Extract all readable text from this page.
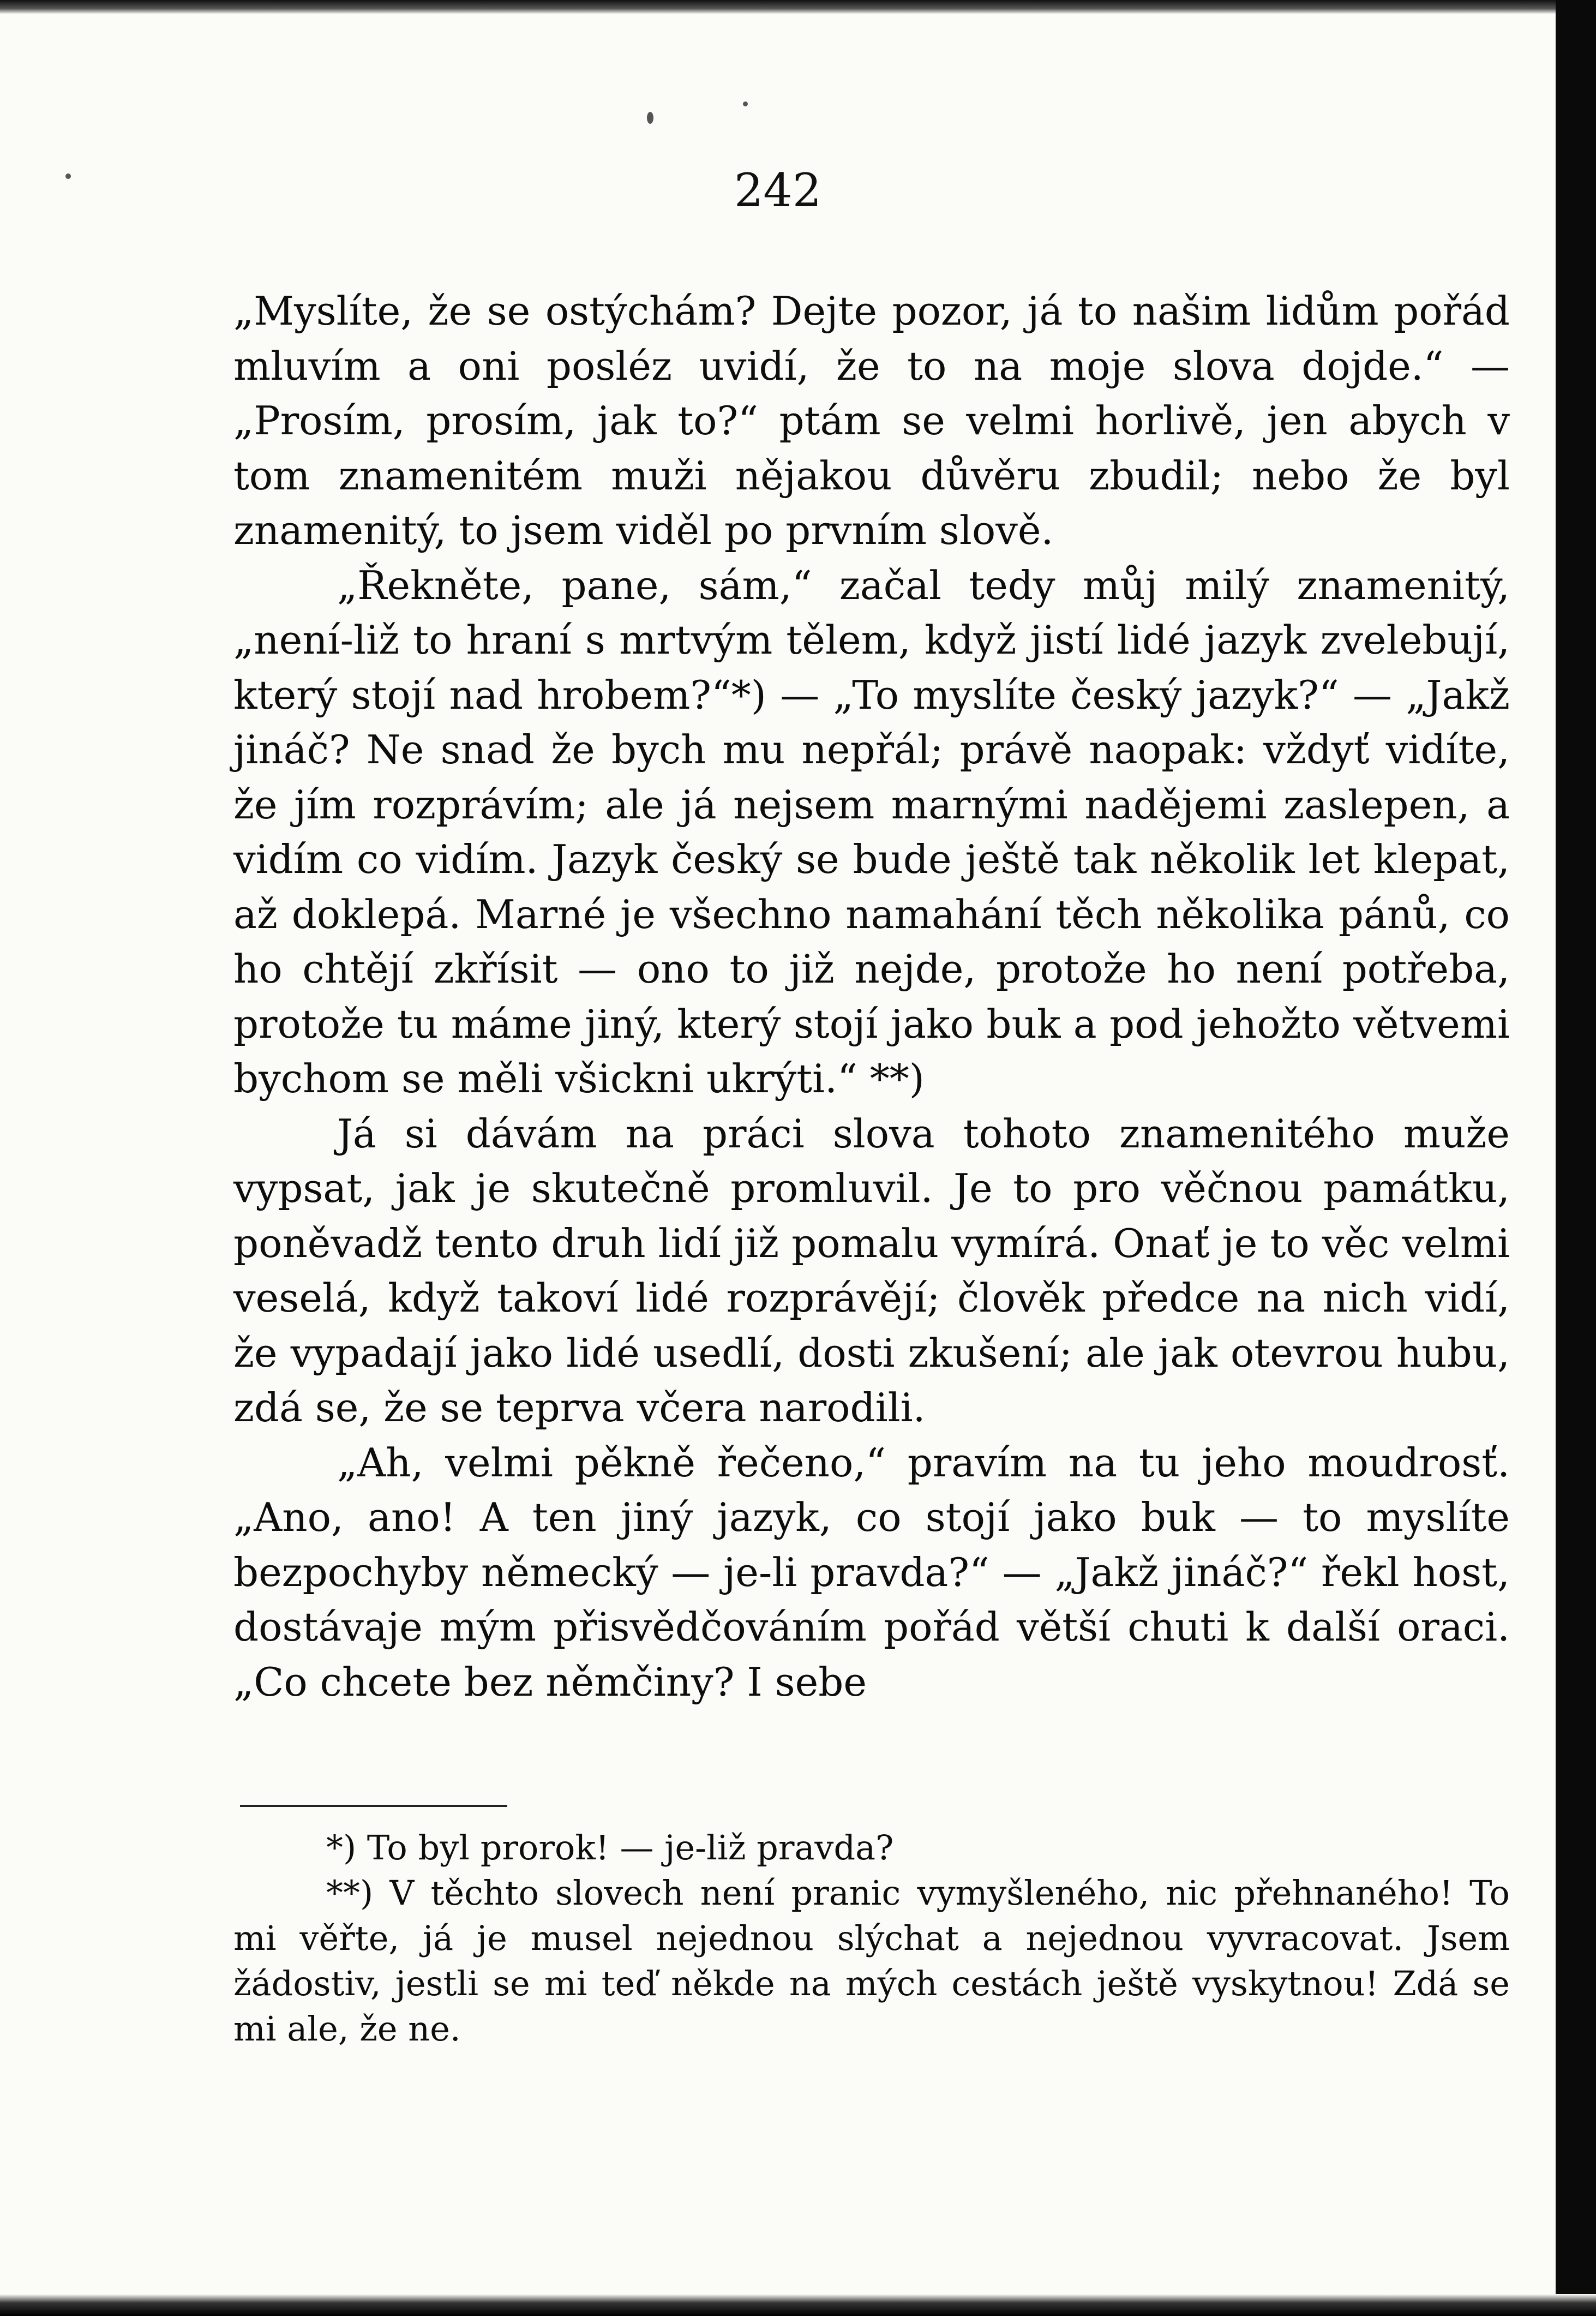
242

„Myslíte, že se ostýchám? Dejte pozor, já to našim lidům pořád mluvím a oni posléz uvidí, že to na moje slova dojde.“ — „Prosím, prosím, jak to?“ ptám se velmi horlivě, jen abych v tom znamenitém muži nějakou důvěru zbudil; nebo že byl znamenitý, to jsem viděl po prvním slově.

„Řekněte, pane, sám,“ začal tedy můj milý znamenitý, „není-liž to hraní s mrtvým tělem, když jistí lidé jazyk zvelebují, který stojí nad hrobem?“*) — „To myslíte český jazyk?“ — „Jakž jináč? Ne snad že bych mu nepřál; právě naopak: vždyť vidíte, že jím rozprávím; ale já nejsem marnými nadějemi zaslepen, a vidím co vidím. Jazyk český se bude ještě tak několik let klepat, až doklepá. Marné je všechno namahání těch několika pánů, co ho chtějí zkřísit — ono to již nejde, protože ho není potřeba, protože tu máme jiný, který stojí jako buk a pod jehožto větvemi bychom se měli všickni ukrýti.“ **)

Já si dávám na práci slova tohoto znamenitého muže vypsat, jak je skutečně promluvil. Je to pro věčnou památku, poněvadž tento druh lidí již pomalu vymírá. Onať je to věc velmi veselá, když takoví lidé rozprávějí; člověk předce na nich vidí, že vypadají jako lidé usedlí, dosti zkušení; ale jak otevrou hubu, zdá se, že se teprva včera narodili.

„Ah, velmi pěkně řečeno,“ pravím na tu jeho moudrosť. „Ano, ano! A ten jiný jazyk, co stojí jako buk — to myslíte bezpochyby německý — je-li pravda?“ — „Jakž jináč?“ řekl host, dostávaje mým přisvědčováním pořád větší chuti k další oraci. „Co chcete bez němčiny? I sebe

*) To byl prorok! — je-liž pravda?

**) V těchto slovech není pranic vymyšleného, nic přehnaného! To mi věřte, já je musel nejednou slýchat a nejednou vyvracovat. Jsem žádostiv, jestli se mi teď někde na mých cestách ještě vyskytnou! Zdá se mi ale, že ne.
